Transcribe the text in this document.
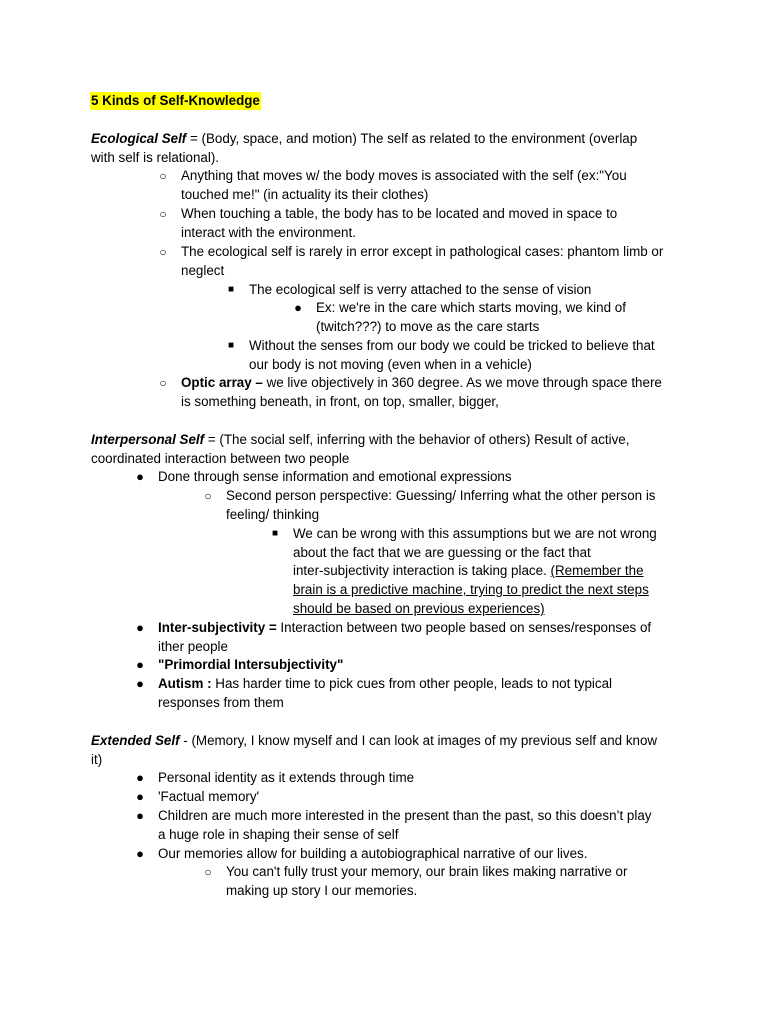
5 Kinds of Self-Knowledge
Ecological Self = (Body, space, and motion) The self as related to the environment (overlap
with self is relational).
○ Anything that moves w/ the body moves is associated with the self (ex:"You
touched me!" (in actuality its their clothes)
○ When touching a table, the body has to be located and moved in space to
interact with the environment.
○ The ecological self is rarely in error except in pathological cases: phantom limb or
neglect
■ The ecological self is verry attached to the sense of vision
● Ex: we're in the care which starts moving, we kind of
(twitch???) to move as the care starts
■ Without the senses from our body we could be tricked to believe that
our body is not moving (even when in a vehicle)
○ Optic array – we live objectively in 360 degree. As we move through space there
is something beneath, in front, on top, smaller, bigger,
Interpersonal Self = (The social self, inferring with the behavior of others) Result of active,
coordinated interaction between two people
● Done through sense information and emotional expressions
○ Second person perspective: Guessing/ Inferring what the other person is
feeling/ thinking
■ We can be wrong with this assumptions but we are not wrong
about the fact that we are guessing or the fact that
inter-subjectivity interaction is taking place. (Remember the
brain is a predictive machine, trying to predict the next steps
should be based on previous experiences)
● Inter-subjectivity = Interaction between two people based on senses/responses of
ither people
● "Primordial Intersubjectivity"
● Autism : Has harder time to pick cues from other people, leads to not typical
responses from them
Extended Self - (Memory, I know myself and I can look at images of my previous self and know
it)
● Personal identity as it extends through time
● 'Factual memory'
● Children are much more interested in the present than the past, so this doesn’t play
a huge role in shaping their sense of self
● Our memories allow for building a autobiographical narrative of our lives.
○ You can't fully trust your memory, our brain likes making narrative or
making up story I our memories.
